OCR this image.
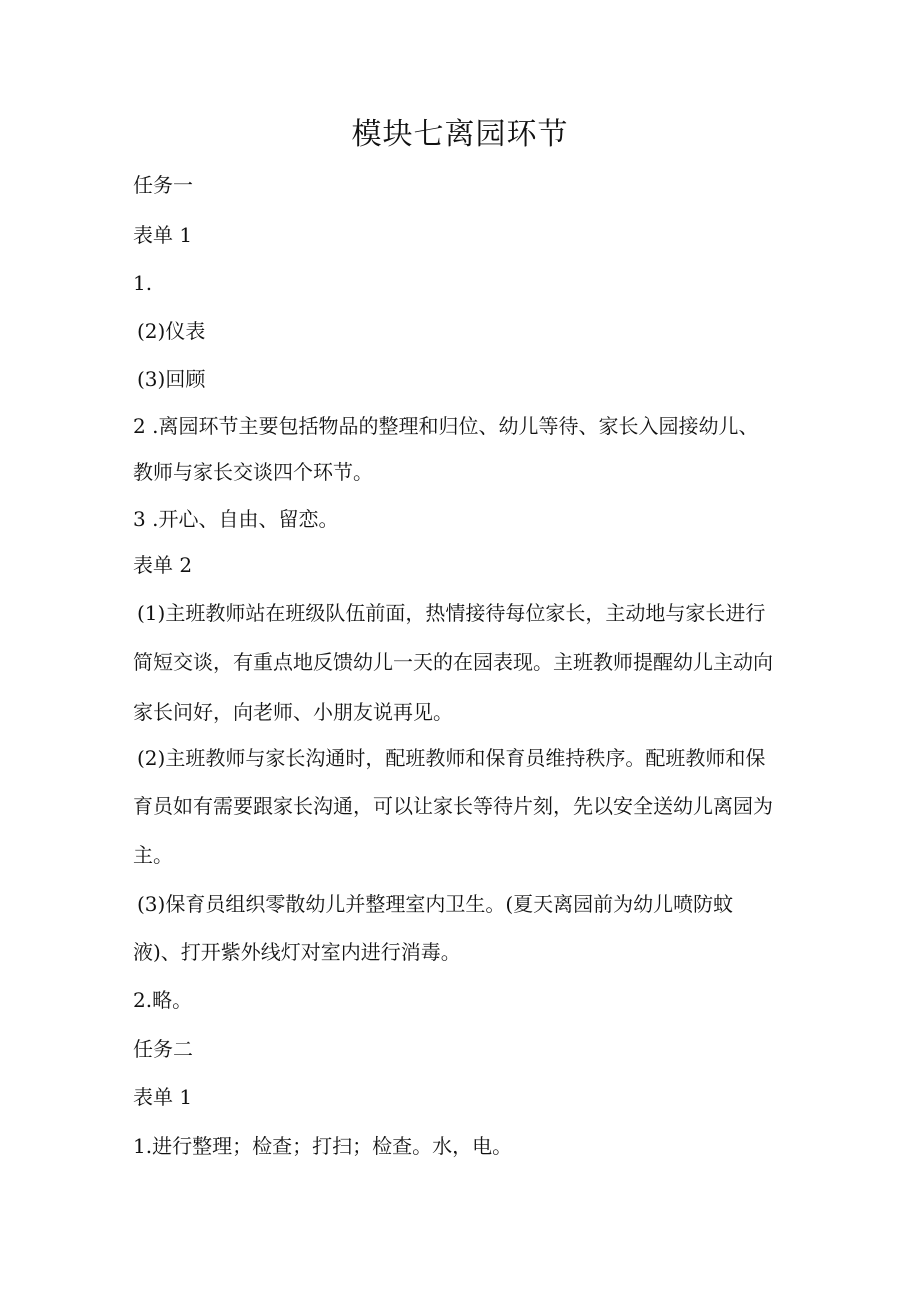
模块七离园环节
任务一
表单 1
1.
(2)仪表
(3)回顾
2 .离园环节主要包括物品的整理和归位、幼儿等待、家长入园接幼儿、
教师与家长交谈四个环节。
3 .开心、自由、留恋。
表单 2
(1)主班教师站在班级队伍前面，热情接待每位家长，主动地与家长进行
简短交谈，有重点地反馈幼儿一天的在园表现。主班教师提醒幼儿主动向
家长问好，向老师、小朋友说再见。
(2)主班教师与家长沟通时，配班教师和保育员维持秩序。配班教师和保
育员如有需要跟家长沟通，可以让家长等待片刻，先以安全送幼儿离园为
主。
(3)保育员组织零散幼儿并整理室内卫生。(夏天离园前为幼儿喷防蚊
液)、打开紫外线灯对室内进行消毒。
2.略。
任务二
表单 1
1.进行整理；检查；打扫；检查。水，电。
